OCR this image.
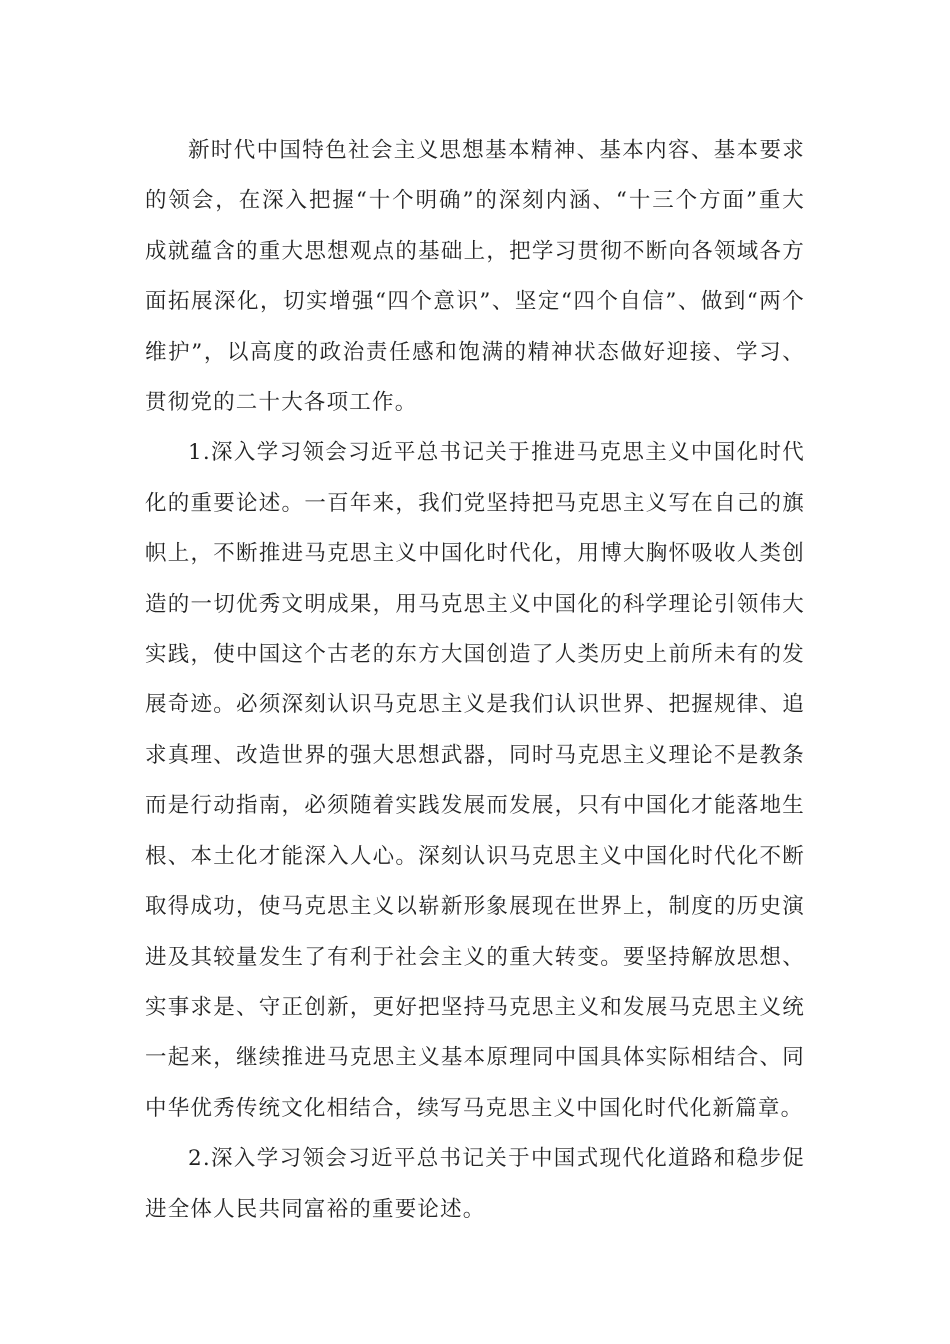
新时代中国特色社会主义思想基本精神、基本内容、基本要求的领会，在深入把握“十个明确”的深刻内涵、“十三个方面”重大成就蕴含的重大思想观点的基础上，把学习贯彻不断向各领域各方面拓展深化，切实增强“四个意识”、坚定“四个自信”、做到“两个维护”，以高度的政治责任感和饱满的精神状态做好迎接、学习、贯彻党的二十大各项工作。

1.深入学习领会习近平总书记关于推进马克思主义中国化时代化的重要论述。一百年来，我们党坚持把马克思主义写在自己的旗帜上，不断推进马克思主义中国化时代化，用博大胸怀吸收人类创造的一切优秀文明成果，用马克思主义中国化的科学理论引领伟大实践，使中国这个古老的东方大国创造了人类历史上前所未有的发展奇迹。必须深刻认识马克思主义是我们认识世界、把握规律、追求真理、改造世界的强大思想武器，同时马克思主义理论不是教条而是行动指南，必须随着实践发展而发展，只有中国化才能落地生根、本土化才能深入人心。深刻认识马克思主义中国化时代化不断取得成功，使马克思主义以崭新形象展现在世界上，制度的历史演进及其较量发生了有利于社会主义的重大转变。要坚持解放思想、实事求是、守正创新，更好把坚持马克思主义和发展马克思主义统一起来，继续推进马克思主义基本原理同中国具体实际相结合、同中华优秀传统文化相结合，续写马克思主义中国化时代化新篇章。

2.深入学习领会习近平总书记关于中国式现代化道路和稳步促进全体人民共同富裕的重要论述。
